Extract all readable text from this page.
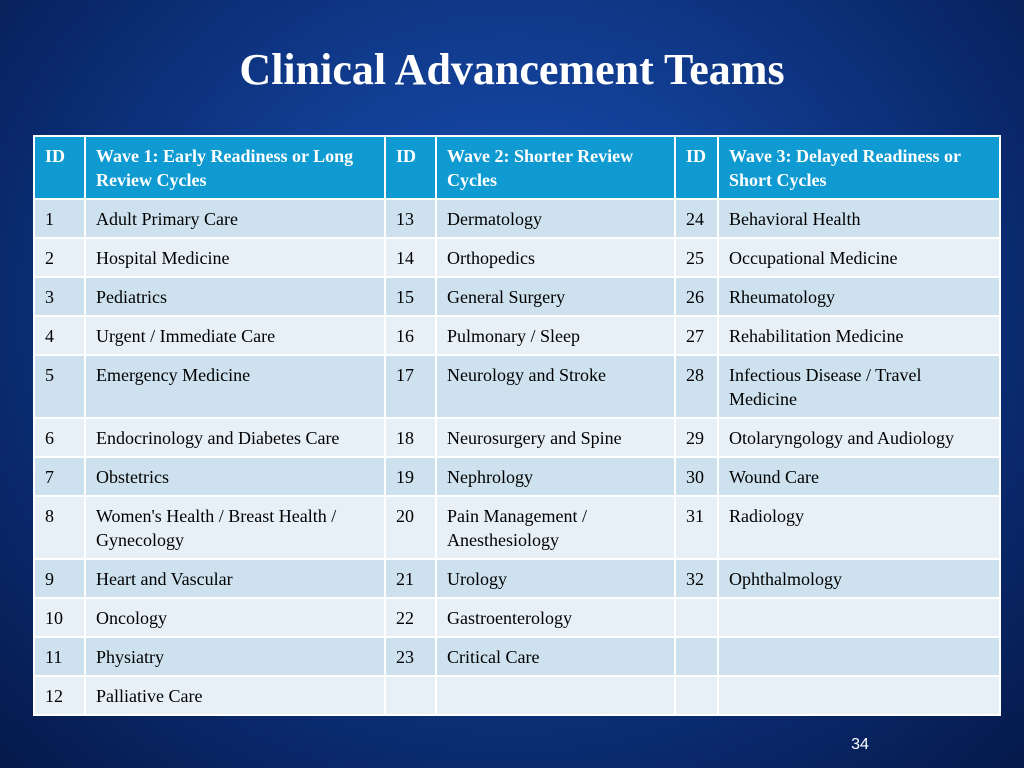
Clinical Advancement Teams
ID	Wave 1: Early Readiness or Long Review Cycles	ID	Wave 2: Shorter Review Cycles	ID	Wave 3: Delayed Readiness or Short Cycles
1	Adult Primary Care	13	Dermatology	24	Behavioral Health
2	Hospital Medicine	14	Orthopedics	25	Occupational Medicine
3	Pediatrics	15	General Surgery	26	Rheumatology
4	Urgent / Immediate Care	16	Pulmonary / Sleep	27	Rehabilitation Medicine
5	Emergency Medicine	17	Neurology and Stroke	28	Infectious Disease / Travel Medicine
6	Endocrinology and Diabetes Care	18	Neurosurgery and Spine	29	Otolaryngology and Audiology
7	Obstetrics	19	Nephrology	30	Wound Care
8	Women's Health / Breast Health / Gynecology	20	Pain Management / Anesthesiology	31	Radiology
9	Heart and Vascular	21	Urology	32	Ophthalmology
10	Oncology	22	Gastroenterology		
11	Physiatry	23	Critical Care		
12	Palliative Care				
34
